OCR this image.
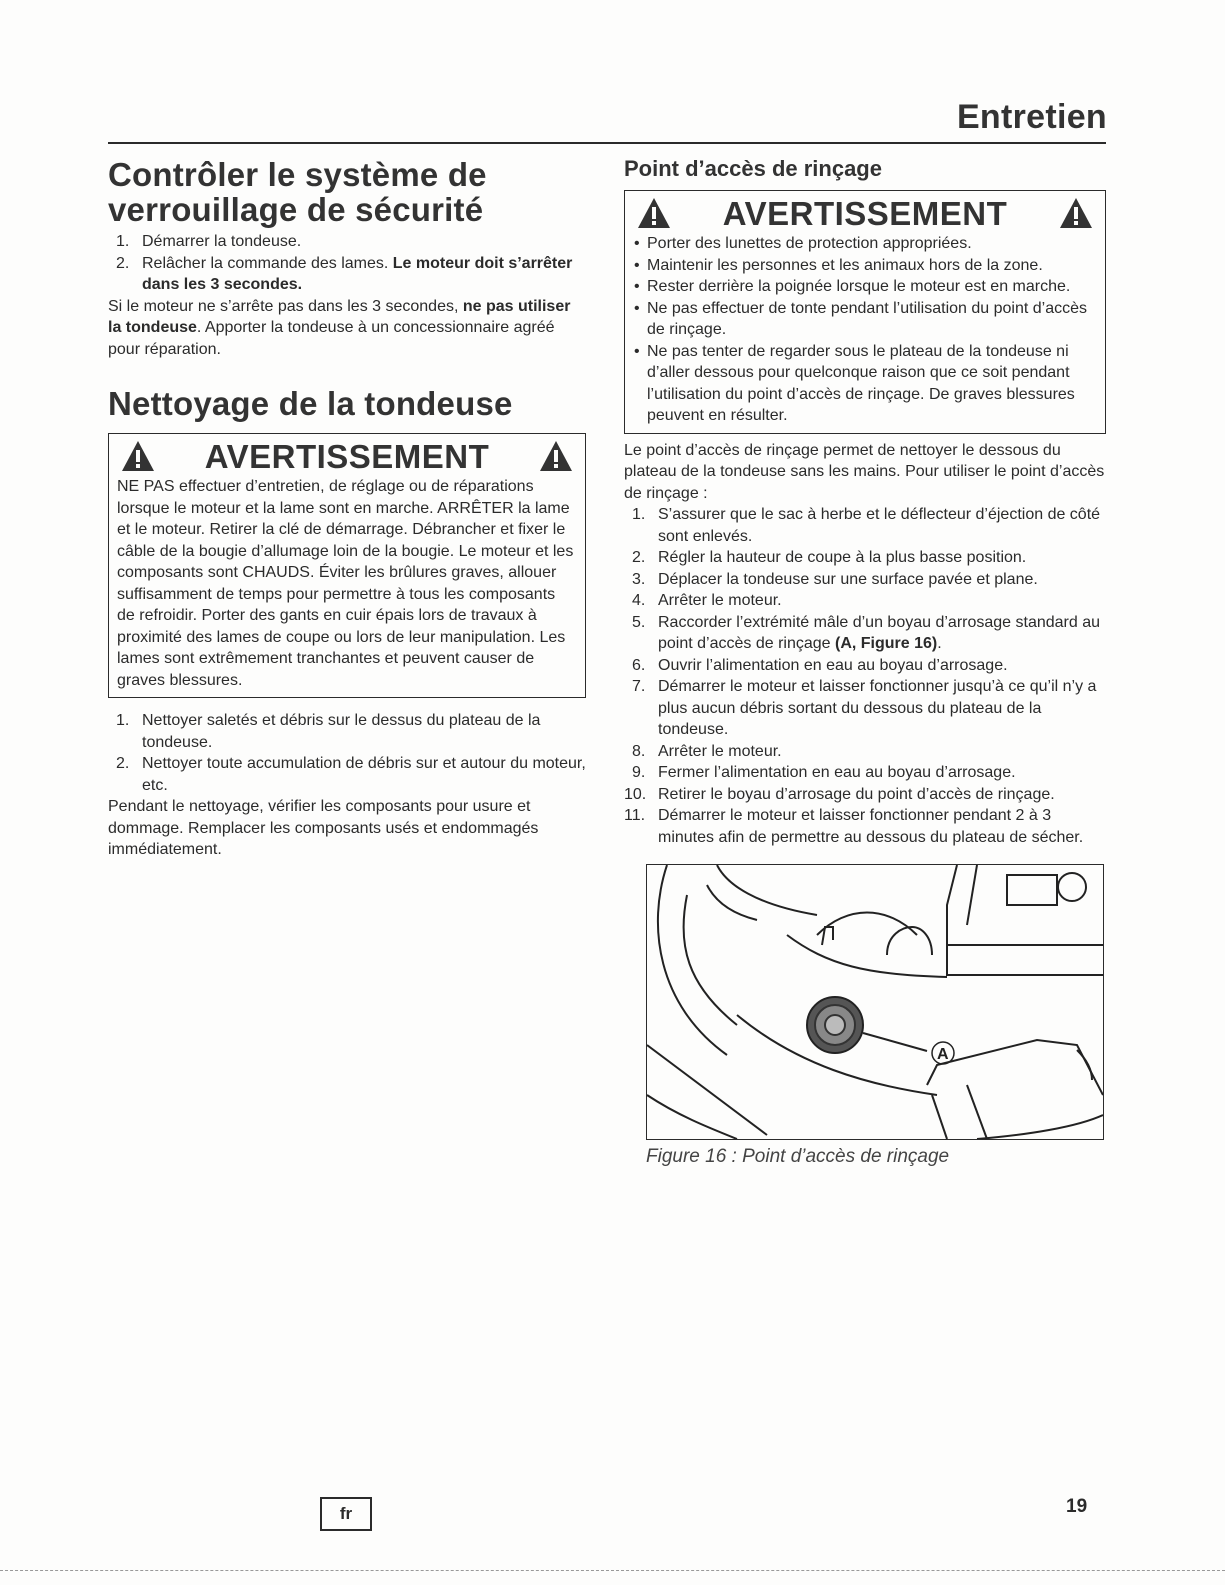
Entretien
Contrôler le système de verrouillage de sécurité
1. Démarrer la tondeuse.
2. Relâcher la commande des lames. Le moteur doit s’arrêter dans les 3 secondes.

Si le moteur ne s’arrête pas dans les 3 secondes, ne pas utiliser la tondeuse. Apporter la tondeuse à un concessionnaire agréé pour réparation.

Nettoyage de la tondeuse
AVERTISSEMENT
NE PAS effectuer d’entretien, de réglage ou de réparations lorsque le moteur et la lame sont en marche. ARRÊTER la lame et le moteur. Retirer la clé de démarrage. Débrancher et fixer le câble de la bougie d’allumage loin de la bougie. Le moteur et les composants sont CHAUDS. Éviter les brûlures graves, allouer suffisamment de temps pour permettre à tous les composants de refroidir. Porter des gants en cuir épais lors de travaux à proximité des lames de coupe ou lors de leur manipulation. Les lames sont extrêmement tranchantes et peuvent causer de graves blessures.
1. Nettoyer saletés et débris sur le dessus du plateau de la tondeuse.
2. Nettoyer toute accumulation de débris sur et autour du moteur, etc.

Pendant le nettoyage, vérifier les composants pour usure et dommage. Remplacer les composants usés et endommagés immédiatement.

Point d’accès de rinçage
AVERTISSEMENT
• Porter des lunettes de protection appropriées.
• Maintenir les personnes et les animaux hors de la zone.
• Rester derrière la poignée lorsque le moteur est en marche.
• Ne pas effectuer de tonte pendant l’utilisation du point d’accès de rinçage.
• Ne pas tenter de regarder sous le plateau de la tondeuse ni d’aller dessous pour quelconque raison que ce soit pendant l’utilisation du point d’accès de rinçage. De graves blessures peuvent en résulter.

Le point d’accès de rinçage permet de nettoyer le dessous du plateau de la tondeuse sans les mains. Pour utiliser le point d’accès de rinçage :

1. S’assurer que le sac à herbe et le déflecteur d’éjection de côté sont enlevés.
2. Régler la hauteur de coupe à la plus basse position.
3. Déplacer la tondeuse sur une surface pavée et plane.
4. Arrêter le moteur.
5. Raccorder l’extrémité mâle d’un boyau d’arrosage standard au point d’accès de rinçage (A, Figure 16).
6. Ouvrir l’alimentation en eau au boyau d’arrosage.
7. Démarrer le moteur et laisser fonctionner jusqu’à ce qu’il n’y a plus aucun débris sortant du dessous du plateau de la tondeuse.
8. Arrêter le moteur.
9. Fermer l’alimentation en eau au boyau d’arrosage.
10. Retirer le boyau d’arrosage du point d’accès de rinçage.
11. Démarrer le moteur et laisser fonctionner pendant 2 à 3 minutes afin de permettre au dessous du plateau de sécher.
A
Figure 16 : Point d’accès de rinçage
fr	19
